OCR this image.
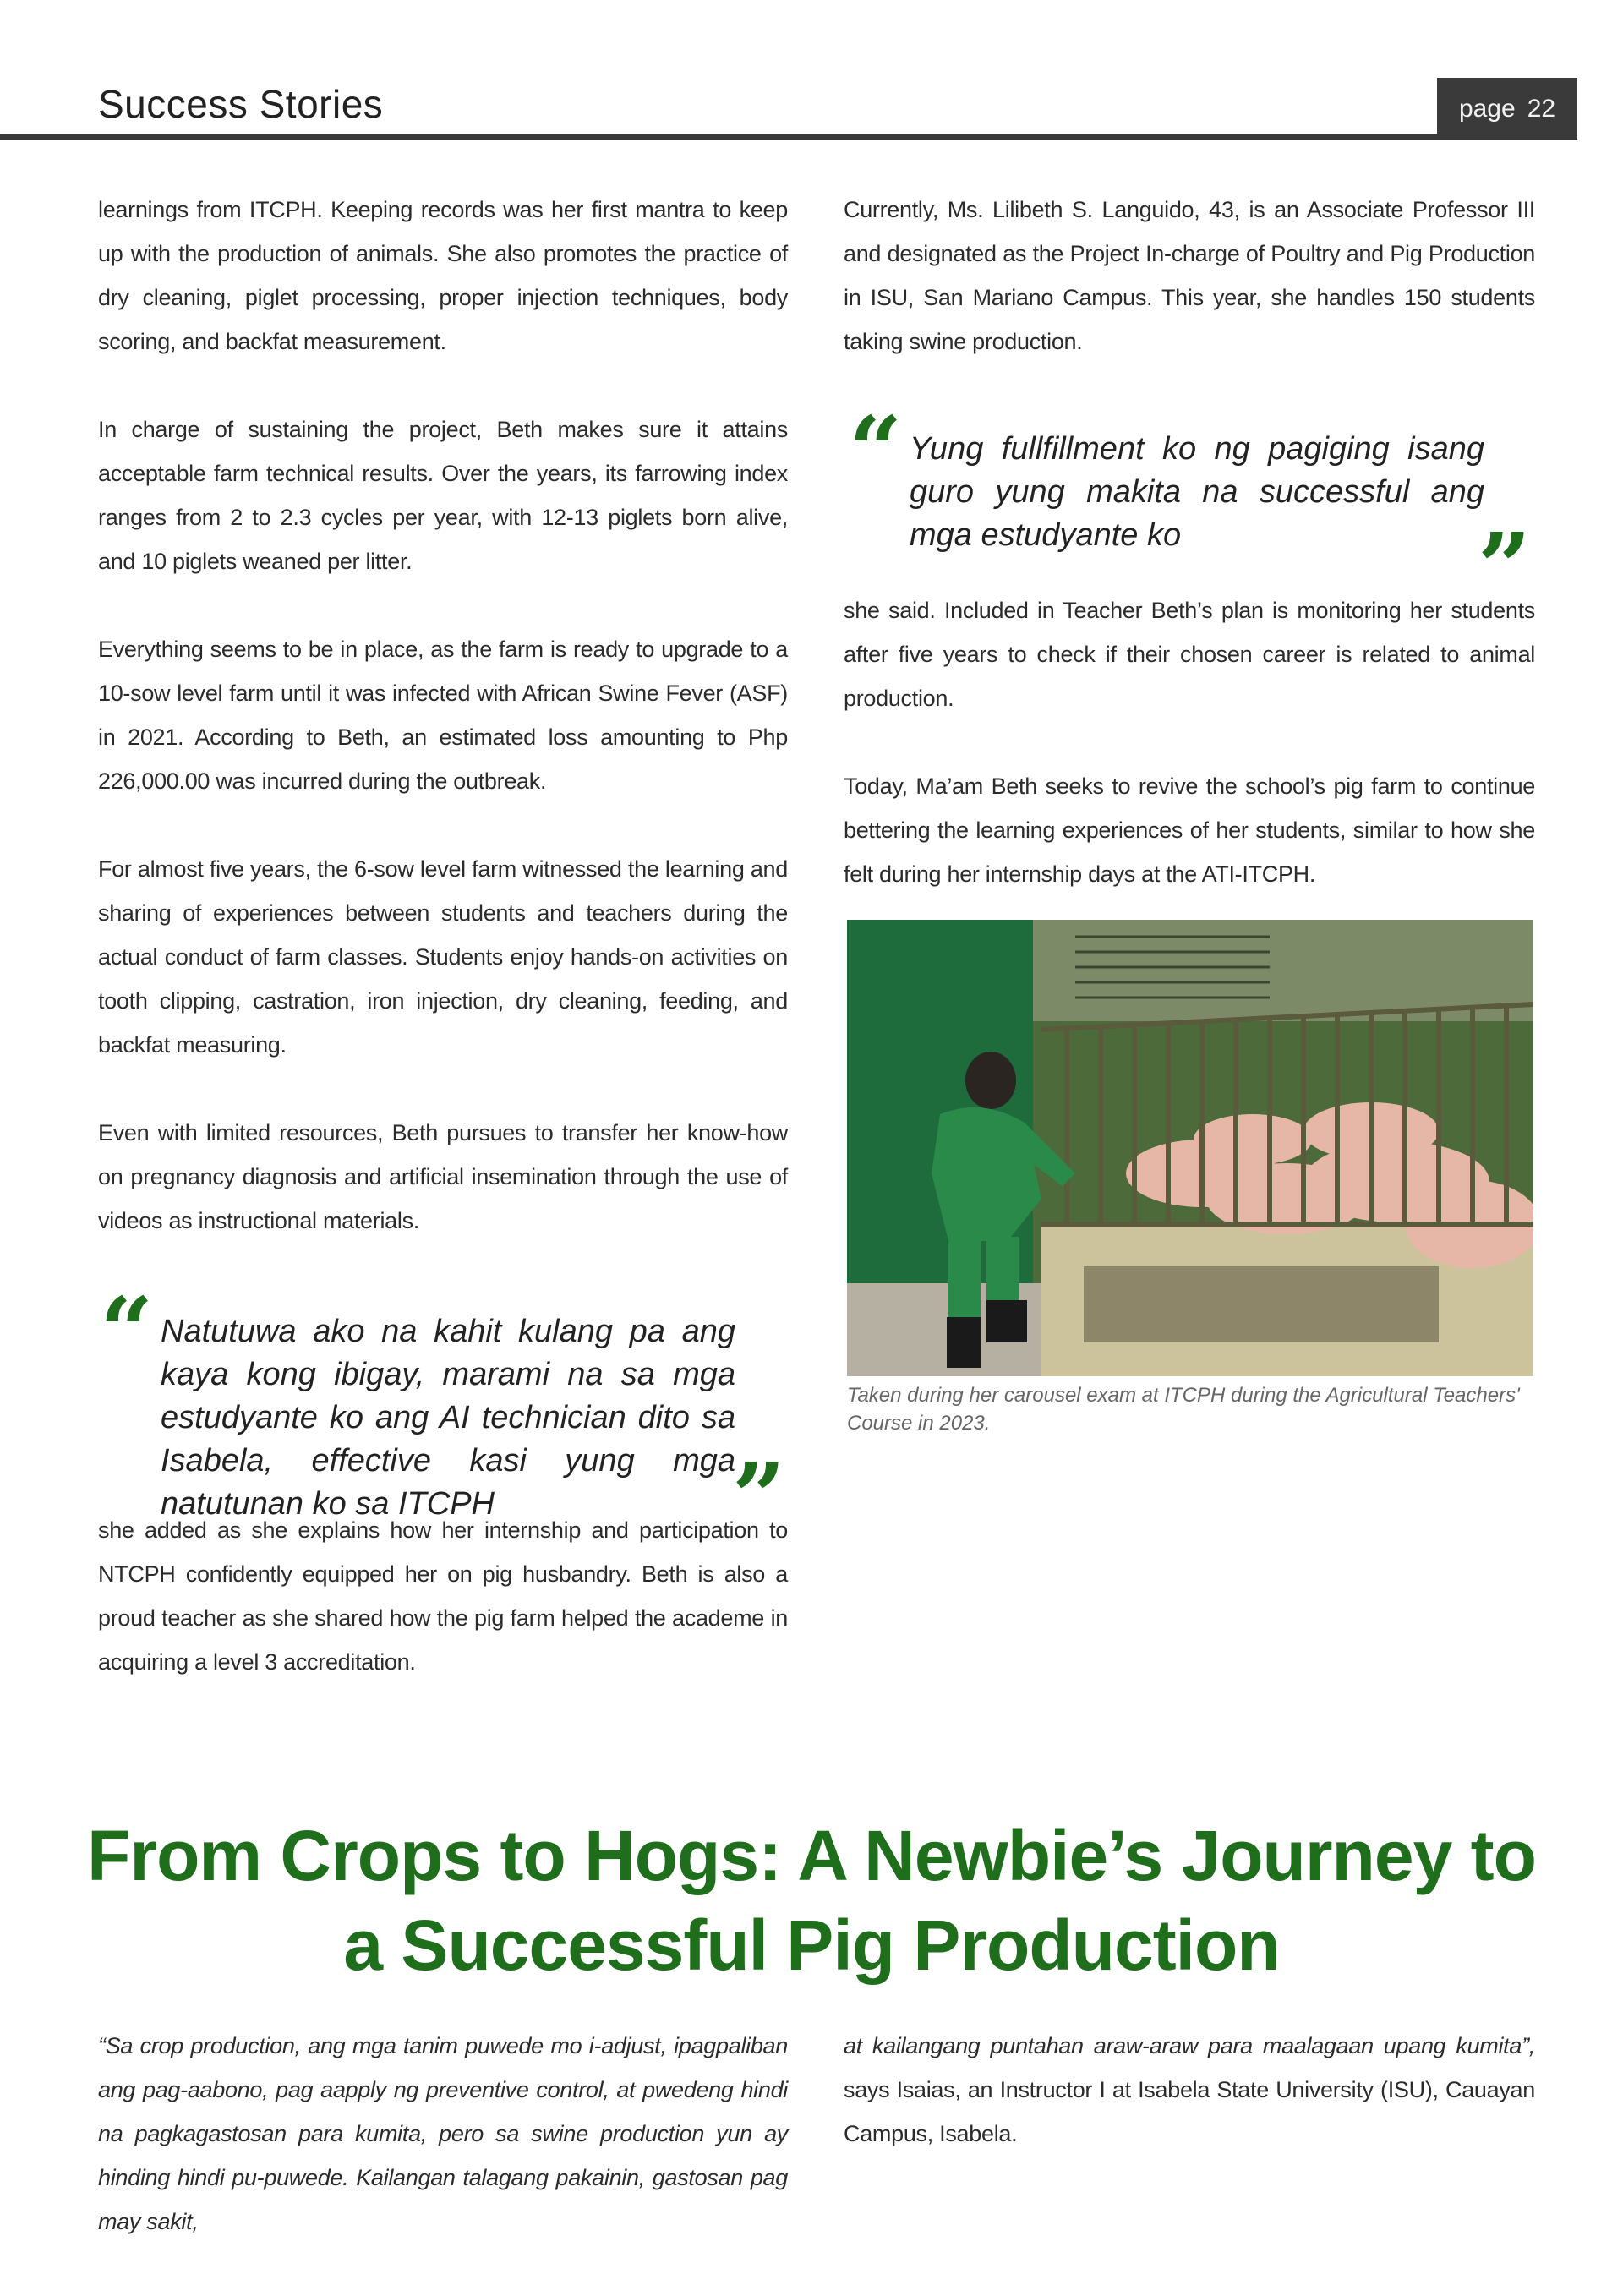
Success Stories	page 22

learnings from ITCPH. Keeping records was her first mantra to keep up with the production of animals. She also promotes the practice of dry cleaning, piglet processing, proper injection techniques, body scoring, and backfat measurement.

In charge of sustaining the project, Beth makes sure it attains acceptable farm technical results. Over the years, its farrowing index ranges from 2 to 2.3 cycles per year, with 12-13 piglets born alive, and 10 piglets weaned per litter.

Everything seems to be in place, as the farm is ready to upgrade to a 10-sow level farm until it was infected with African Swine Fever (ASF) in 2021. According to Beth, an estimated loss amounting to Php 226,000.00 was incurred during the outbreak.

For almost five years, the 6-sow level farm witnessed the learning and sharing of experiences between students and teachers during the actual conduct of farm classes. Students enjoy hands-on activities on tooth clipping, castration, iron injection, dry cleaning, feeding, and backfat measuring.

Even with limited resources, Beth pursues to transfer her know-how on pregnancy diagnosis and artificial insemination through the use of videos as instructional materials.

“ Natutuwa ako na kahit kulang pa ang kaya kong ibigay, marami na sa mga estudyante ko ang AI technician dito sa Isabela, effective kasi yung mga natutunan ko sa ITCPH	”

she added as she explains how her internship and participation to NTCPH confidently equipped her on pig husbandry. Beth is also a proud teacher as she shared how the pig farm helped the academe in acquiring a level 3 accreditation.

Currently, Ms. Lilibeth S. Languido, 43, is an Associate Professor III and designated as the Project In-charge of Poultry and Pig Production in ISU, San Mariano Campus. This year, she handles 150 students taking swine production.

“ Yung fullfillment ko ng pagiging isang guro yung makita na successful ang mga estudyante ko	”

she said. Included in Teacher Beth’s plan is monitoring her students after five years to check if their chosen career is related to animal production.

Today, Ma’am Beth seeks to revive the school’s pig farm to continue bettering the learning experiences of her students, similar to how she felt during her internship days at the ATI-ITCPH.

Taken during her carousel exam at ITCPH during the Agricultural Teachers' Course in 2023.

From Crops to Hogs: A Newbie’s Journey to a Successful Pig Production

“Sa crop production, ang mga tanim puwede mo i-adjust, ipagpaliban ang pag-aabono, pag aapply ng preventive control, at pwedeng hindi na pagkagastosan para kumita, pero sa swine production yun ay hinding hindi pu-puwede. Kailangan talagang pakainin, gastosan pag may sakit,

at kailangang puntahan araw-araw para maalagaan upang kumita”, says Isaias, an Instructor I at Isabela State University (ISU), Cauayan Campus, Isabela.
